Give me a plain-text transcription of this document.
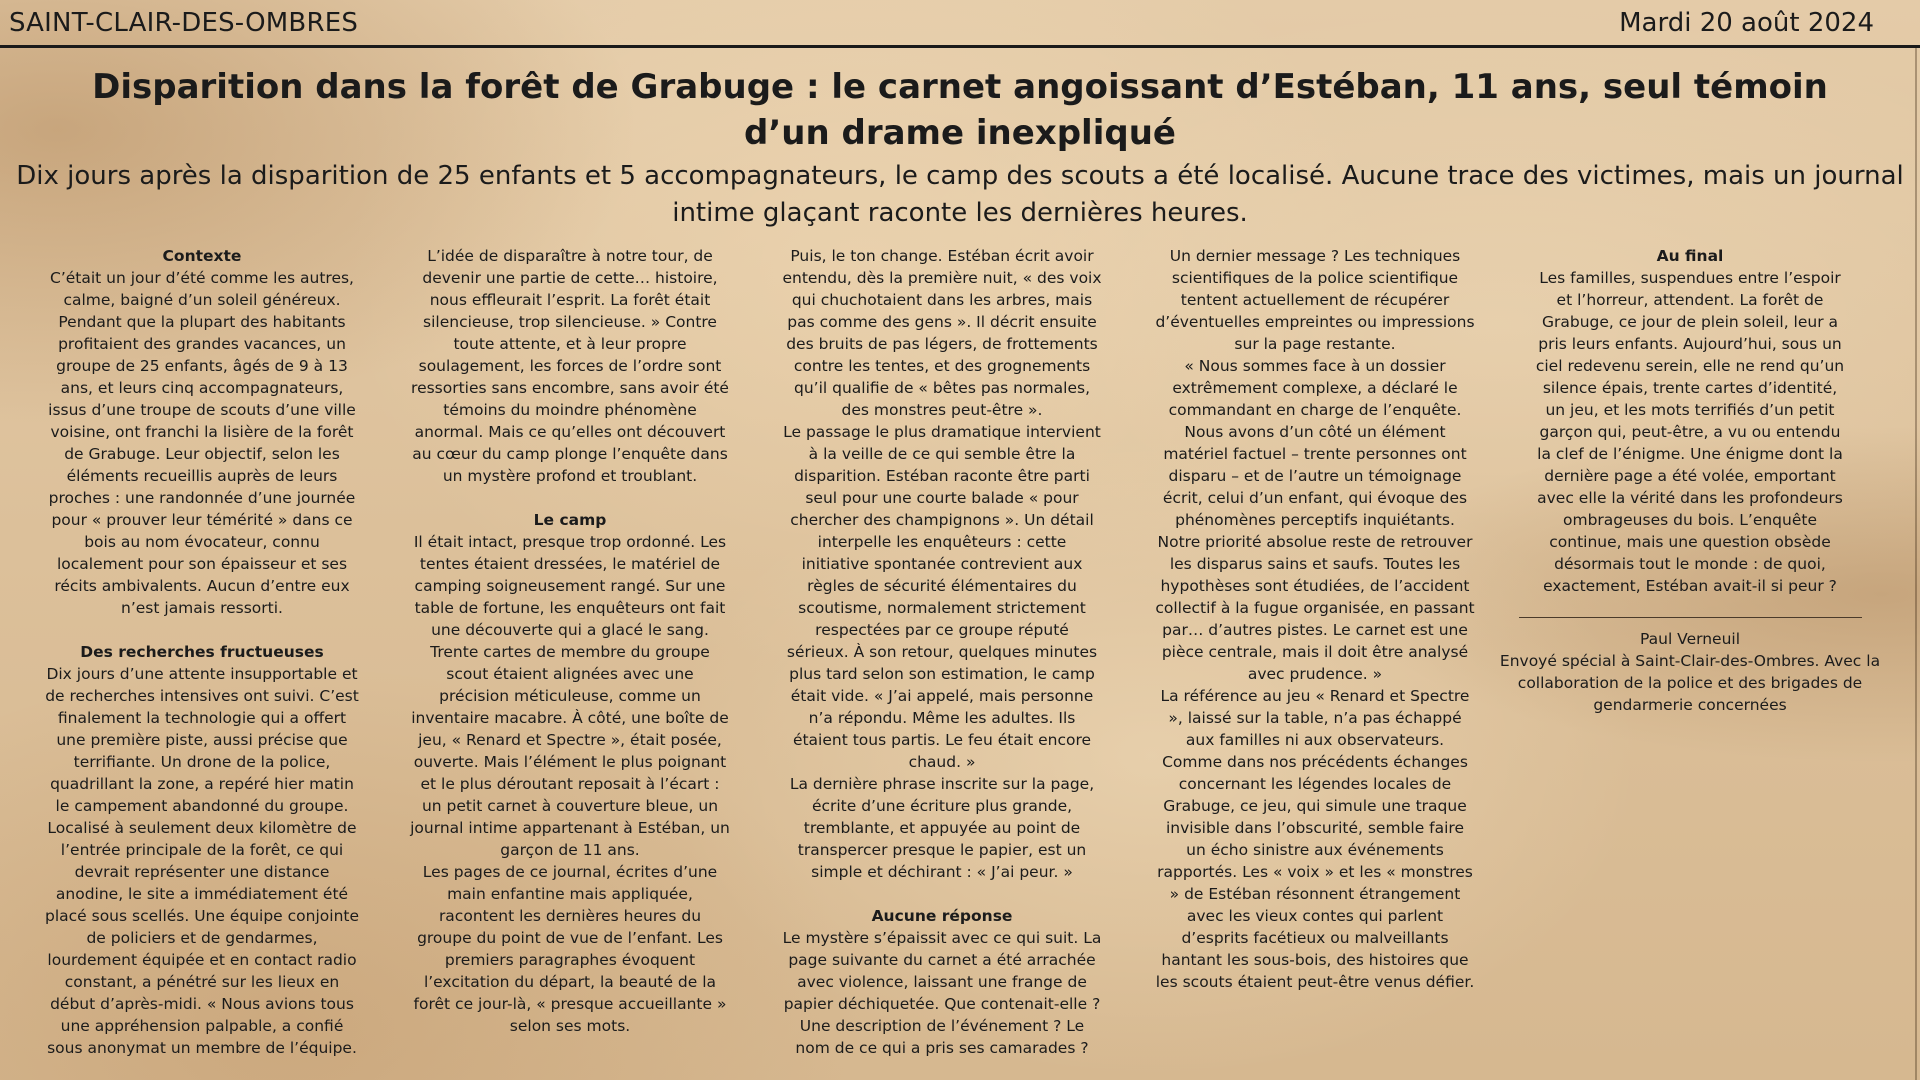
SAINT-CLAIR-DES-OMBRES	Mardi 20 août 2024
Disparition dans la forêt de Grabuge : le carnet angoissant d’Estéban, 11 ans, seul témoin d’un drame inexpliqué
Dix jours après la disparition de 25 enfants et 5 accompagnateurs, le camp des scouts a été localisé. Aucune trace des victimes, mais un journal intime glaçant raconte les dernières heures.
Contexte

C’était un jour d’été comme les autres, calme, baigné d’un soleil généreux. Pendant que la plupart des habitants profitaient des grandes vacances, un groupe de 25 enfants, âgés de 9 à 13 ans, et leurs cinq accompagnateurs, issus d’une troupe de scouts d’une ville voisine, ont franchi la lisière de la forêt de Grabuge. Leur objectif, selon les éléments recueillis auprès de leurs proches : une randonnée d’une journée pour « prouver leur témérité » dans ce bois au nom évocateur, connu localement pour son épaisseur et ses récits ambivalents. Aucun d’entre eux n’est jamais ressorti.

Des recherches fructueuses

Dix jours d’une attente insupportable et de recherches intensives ont suivi. C’est finalement la technologie qui a offert une première piste, aussi précise que terrifiante. Un drone de la police, quadrillant la zone, a repéré hier matin le campement abandonné du groupe. Localisé à seulement deux kilomètre de l’entrée principale de la forêt, ce qui devrait représenter une distance anodine, le site a immédiatement été placé sous scellés. Une équipe conjointe de policiers et de gendarmes, lourdement équipée et en contact radio constant, a pénétré sur les lieux en début d’après-midi. « Nous avions tous une appréhension palpable, a confié sous anonymat un membre de l’équipe.

L’idée de disparaître à notre tour, de devenir une partie de cette… histoire, nous effleurait l’esprit. La forêt était silencieuse, trop silencieuse. » Contre toute attente, et à leur propre soulagement, les forces de l’ordre sont ressorties sans encombre, sans avoir été témoins du moindre phénomène anormal. Mais ce qu’elles ont découvert au cœur du camp plonge l’enquête dans un mystère profond et troublant.

Le camp

Il était intact, presque trop ordonné. Les tentes étaient dressées, le matériel de camping soigneusement rangé. Sur une table de fortune, les enquêteurs ont fait une découverte qui a glacé le sang. Trente cartes de membre du groupe scout étaient alignées avec une précision méticuleuse, comme un inventaire macabre. À côté, une boîte de jeu, « Renard et Spectre », était posée, ouverte. Mais l’élément le plus poignant et le plus déroutant reposait à l’écart : un petit carnet à couverture bleue, un journal intime appartenant à Estéban, un garçon de 11 ans.

Les pages de ce journal, écrites d’une main enfantine mais appliquée, racontent les dernières heures du groupe du point de vue de l’enfant. Les premiers paragraphes évoquent l’excitation du départ, la beauté de la forêt ce jour-là, « presque accueillante » selon ses mots.

Puis, le ton change. Estéban écrit avoir entendu, dès la première nuit, « des voix qui chuchotaient dans les arbres, mais pas comme des gens ». Il décrit ensuite des bruits de pas légers, de frottements contre les tentes, et des grognements qu’il qualifie de « bêtes pas normales, des monstres peut-être ».

Le passage le plus dramatique intervient à la veille de ce qui semble être la disparition. Estéban raconte être parti seul pour une courte balade « pour chercher des champignons ». Un détail interpelle les enquêteurs : cette initiative spontanée contrevient aux règles de sécurité élémentaires du scoutisme, normalement strictement respectées par ce groupe réputé sérieux. À son retour, quelques minutes plus tard selon son estimation, le camp était vide. « J’ai appelé, mais personne n’a répondu. Même les adultes. Ils étaient tous partis. Le feu était encore chaud. »

La dernière phrase inscrite sur la page, écrite d’une écriture plus grande, tremblante, et appuyée au point de transpercer presque le papier, est un simple et déchirant : « J’ai peur. »

Aucune réponse

Le mystère s’épaissit avec ce qui suit. La page suivante du carnet a été arrachée avec violence, laissant une frange de papier déchiquetée. Que contenait-elle ? Une description de l’événement ? Le nom de ce qui a pris ses camarades ?

Un dernier message ? Les techniques scientifiques de la police scientifique tentent actuellement de récupérer d’éventuelles empreintes ou impressions sur la page restante.

« Nous sommes face à un dossier extrêmement complexe, a déclaré le commandant en charge de l’enquête. Nous avons d’un côté un élément matériel factuel – trente personnes ont disparu – et de l’autre un témoignage écrit, celui d’un enfant, qui évoque des phénomènes perceptifs inquiétants. Notre priorité absolue reste de retrouver les disparus sains et saufs. Toutes les hypothèses sont étudiées, de l’accident collectif à la fugue organisée, en passant par… d’autres pistes. Le carnet est une pièce centrale, mais il doit être analysé avec prudence. »

La référence au jeu « Renard et Spectre », laissé sur la table, n’a pas échappé aux familles ni aux observateurs. Comme dans nos précédents échanges concernant les légendes locales de Grabuge, ce jeu, qui simule une traque invisible dans l’obscurité, semble faire un écho sinistre aux événements rapportés. Les « voix » et les « monstres » de Estéban résonnent étrangement avec les vieux contes qui parlent d’esprits facétieux ou malveillants hantant les sous-bois, des histoires que les scouts étaient peut-être venus défier.

Au final

Les familles, suspendues entre l’espoir et l’horreur, attendent. La forêt de Grabuge, ce jour de plein soleil, leur a pris leurs enfants. Aujourd’hui, sous un ciel redevenu serein, elle ne rend qu’un silence épais, trente cartes d’identité, un jeu, et les mots terrifiés d’un petit garçon qui, peut-être, a vu ou entendu la clef de l’énigme. Une énigme dont la dernière page a été volée, emportant avec elle la vérité dans les profondeurs ombrageuses du bois. L’enquête continue, mais une question obsède désormais tout le monde : de quoi, exactement, Estéban avait-il si peur ?

Paul Verneuil

Envoyé spécial à Saint-Clair-des-Ombres. Avec la collaboration de la police et des brigades de gendarmerie concernées
